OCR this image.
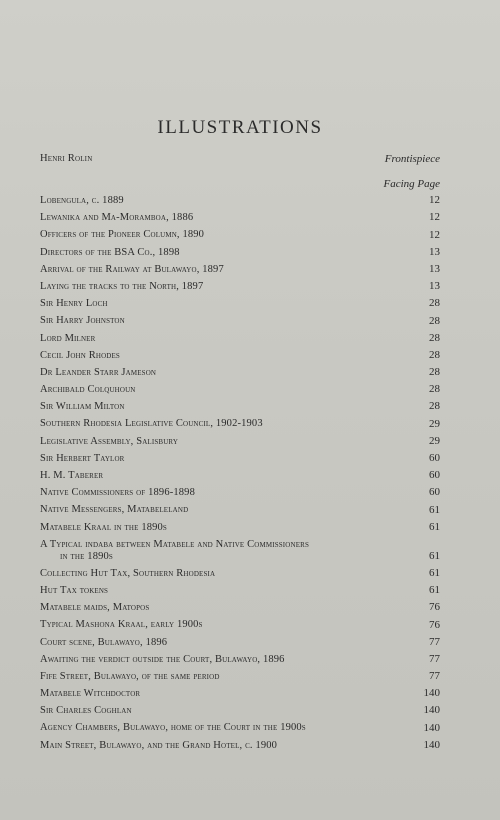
ILLUSTRATIONS
Henri Rolin	Frontispiece
Facing Page
Lobengula, c. 1889	12
Lewanika and Ma-Moramboa, 1886	12
Officers of the Pioneer Column, 1890	12
Directors of the BSA Co., 1898	13
Arrival of the Railway at Bulawayo, 1897	13
Laying the tracks to the North, 1897	13
Sir Henry Loch	28
Sir Harry Johnston	28
Lord Milner	28
Cecil John Rhodes	28
Dr Leander Starr Jameson	28
Archibald Colquhoun	28
Sir William Milton	28
Southern Rhodesia Legislative Council, 1902-1903	29
Legislative Assembly, Salisbury	29
Sir Herbert Taylor	60
H. M. Taberer	60
Native Commissioners of 1896-1898	60
Native Messengers, Matabeleland	61
Matabele Kraal in the 1890s	61
A Typical indaba between Matabele and Native Commissioners
in the 1890s	61
Collecting Hut Tax, Southern Rhodesia	61
Hut Tax tokens	61
Matabele maids, Matopos	76
Typical Mashona Kraal, early 1900s	76
Court scene, Bulawayo, 1896	77
Awaiting the verdict outside the Court, Bulawayo, 1896	77
Fife Street, Bulawayo, of the same period	77
Matabele Witchdoctor	140
Sir Charles Coghlan	140
Agency Chambers, Bulawayo, home of the Court in the 1900s	140
Main Street, Bulawayo, and the Grand Hotel, c. 1900	140
